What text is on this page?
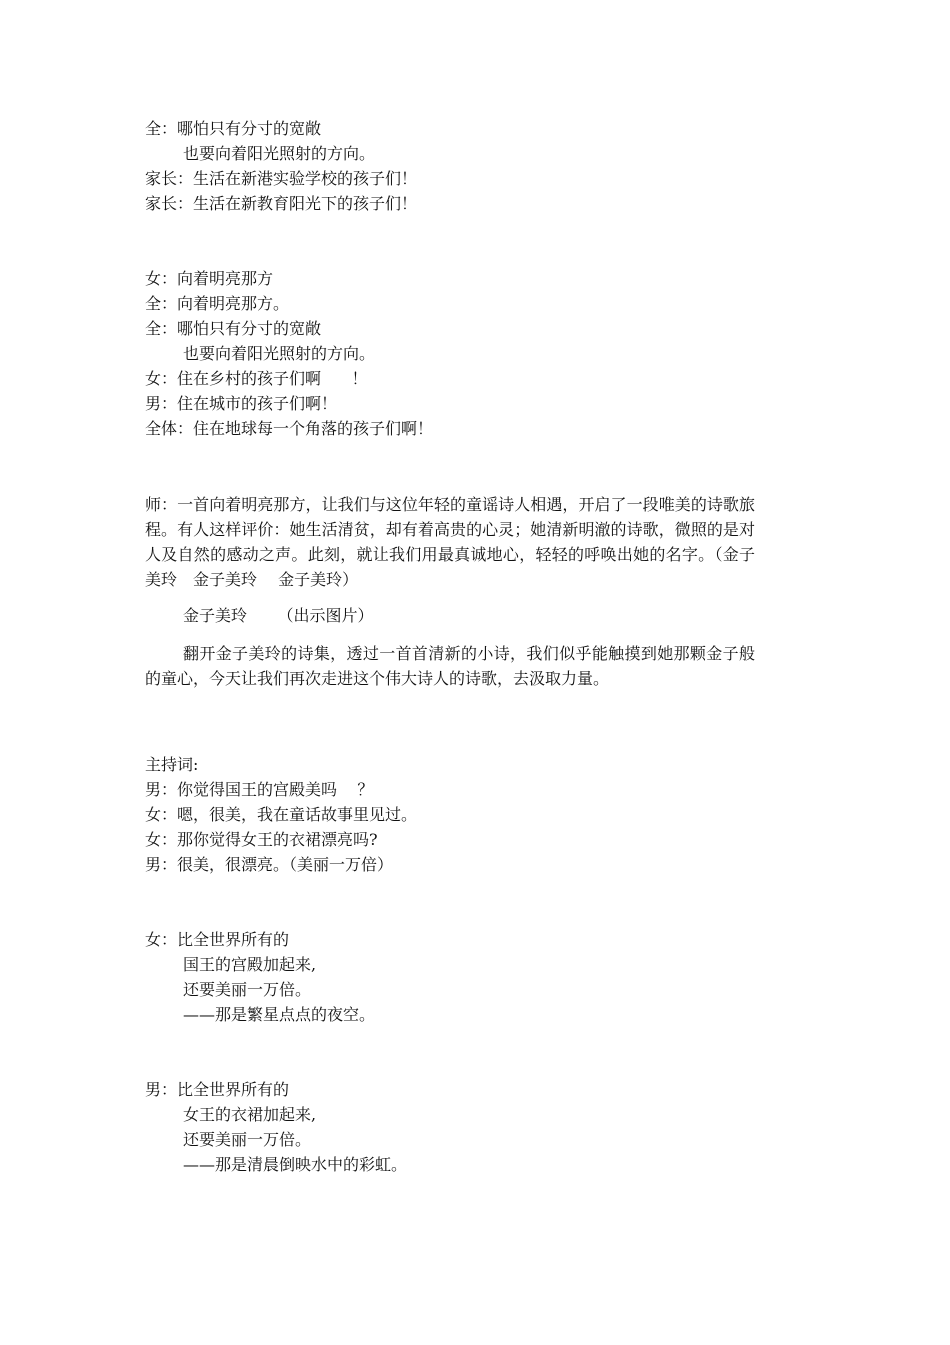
全：哪怕只有分寸的宽敞

也要向着阳光照射的方向。

家长：生活在新港实验学校的孩子们！

家长：生活在新教育阳光下的孩子们！

女：向着明亮那方

全：向着明亮那方。

全：哪怕只有分寸的宽敞

也要向着阳光照射的方向。

女：住在乡村的孩子们啊      ！

男：住在城市的孩子们啊！

全体：住在地球每一个角落的孩子们啊！

师：一首向着明亮那方，让我们与这位年轻的童谣诗人相遇，开启了一段唯美的诗歌旅程。有人这样评价：她生活清贫，却有着高贵的心灵；她清新明澈的诗歌，微照的是对人及自然的感动之声。此刻，就让我们用最真诚地心，轻轻的呼唤出她的名字。（金子美玲　金子美玲　 金子美玲）

金子美玲      （出示图片）

翻开金子美玲的诗集，透过一首首清新的小诗，我们似乎能触摸到她那颗金子般的童心，今天让我们再次走进这个伟大诗人的诗歌，去汲取力量。

主持词:

男：你觉得国王的宫殿美吗    ？

女：嗯，很美，我在童话故事里见过。

女：那你觉得女王的衣裙漂亮吗?

男：很美，很漂亮。（美丽一万倍）

女：比全世界所有的

国王的宫殿加起来,

还要美丽一万倍。

——那是繁星点点的夜空。

男：比全世界所有的

女王的衣裙加起来,

还要美丽一万倍。

——那是清晨倒映水中的彩虹。
